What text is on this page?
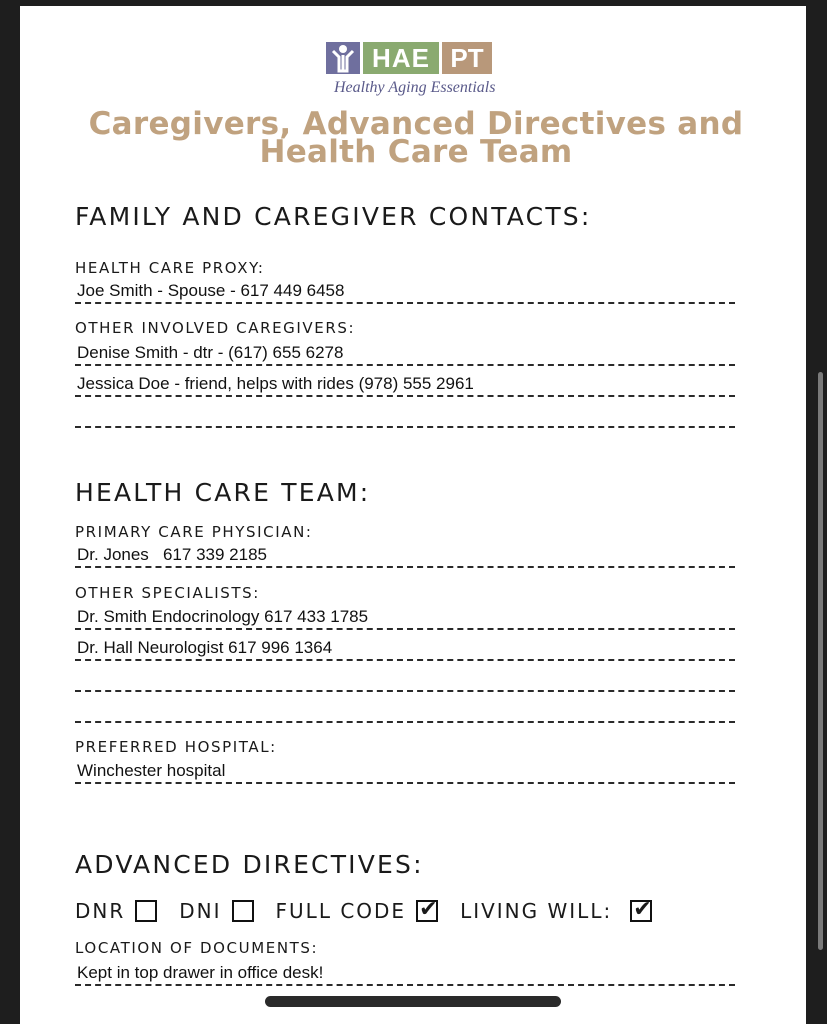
HAE PT
Healthy Aging Essentials
Caregivers, Advanced Directives and
Health Care Team
FAMILY AND CAREGIVER CONTACTS:
HEALTH CARE PROXY:
Joe Smith - Spouse - 617 449 6458
OTHER INVOLVED CAREGIVERS:
Denise Smith - dtr - (617) 655 6278
Jessica Doe - friend, helps with rides (978) 555 2961
HEALTH CARE TEAM:
PRIMARY CARE PHYSICIAN:
Dr. Jones   617 339 2185
OTHER SPECIALISTS:
Dr. Smith Endocrinology 617 433 1785
Dr. Hall Neurologist 617 996 1364
PREFERRED HOSPITAL:
Winchester hospital
ADVANCED DIRECTIVES:
DNR	DNI	FULL CODE ✔ LIVING WILL: ✔
LOCATION OF DOCUMENTS:
Kept in top drawer in office desk!
